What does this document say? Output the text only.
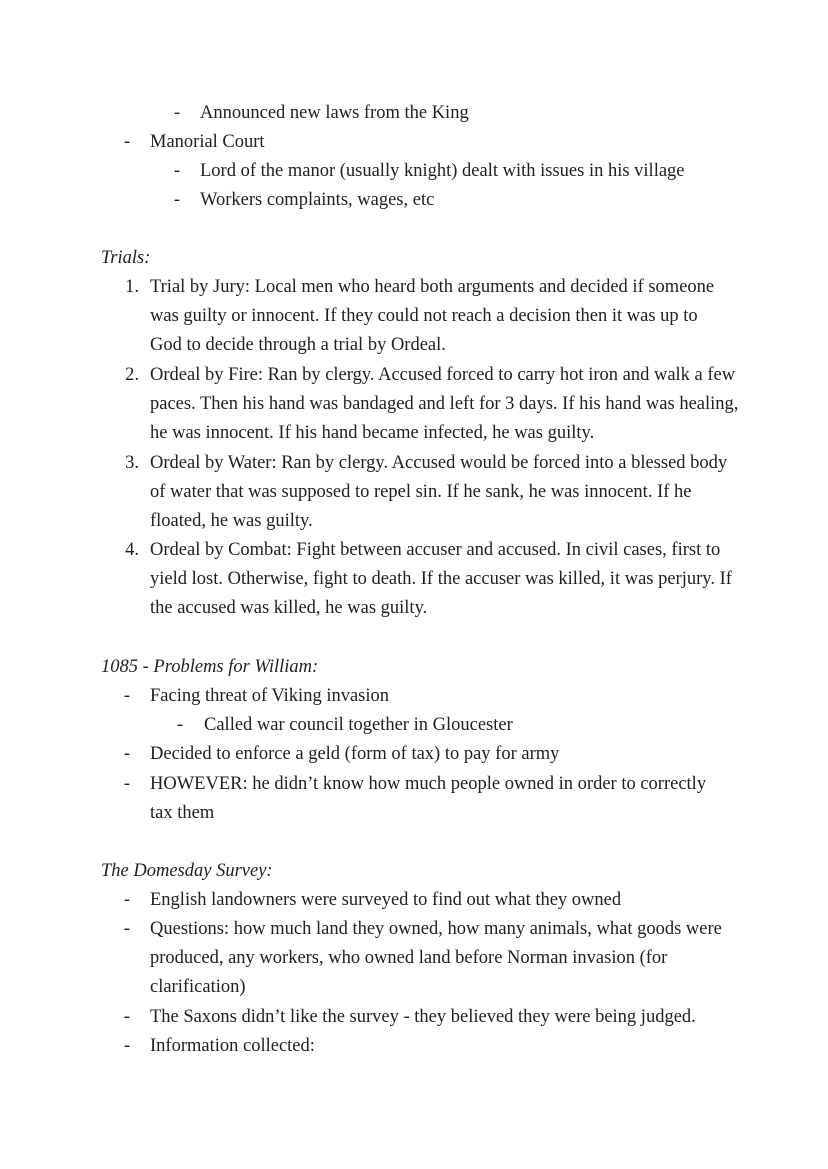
- Announced new laws from the King
- Manorial Court
- Lord of the manor (usually knight) dealt with issues in his village
- Workers complaints, wages, etc
Trials:
1. Trial by Jury: Local men who heard both arguments and decided if someone
was guilty or innocent. If they could not reach a decision then it was up to
God to decide through a trial by Ordeal.
2. Ordeal by Fire: Ran by clergy. Accused forced to carry hot iron and walk a few
paces. Then his hand was bandaged and left for 3 days. If his hand was healing,
he was innocent. If his hand became infected, he was guilty.
3. Ordeal by Water: Ran by clergy. Accused would be forced into a blessed body
of water that was supposed to repel sin. If he sank, he was innocent. If he
floated, he was guilty.
4. Ordeal by Combat: Fight between accuser and accused. In civil cases, first to
yield lost. Otherwise, fight to death. If the accuser was killed, it was perjury. If
the accused was killed, he was guilty.
1085 - Problems for William:
- Facing threat of Viking invasion
- Called war council together in Gloucester
- Decided to enforce a geld (form of tax) to pay for army
- HOWEVER: he didn’t know how much people owned in order to correctly
tax them
The Domesday Survey:
- English landowners were surveyed to find out what they owned
- Questions: how much land they owned, how many animals, what goods were
produced, any workers, who owned land before Norman invasion (for
clarification)
- The Saxons didn’t like the survey - they believed they were being judged.
- Information collected:
